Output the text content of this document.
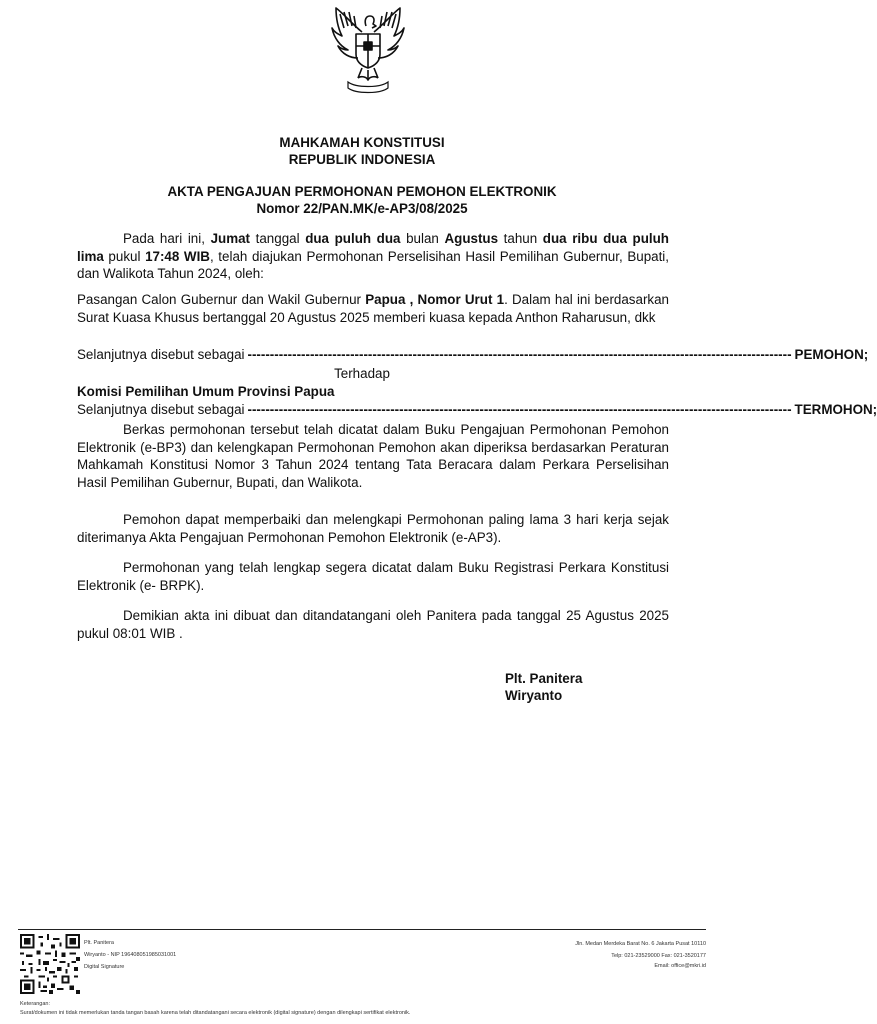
MAHKAMAH KONSTITUSI
REPUBLIK INDONESIA
AKTA PENGAJUAN PERMOHONAN PEMOHON ELEKTRONIK
Nomor 22/PAN.MK/e-AP3/08/2025
Pada hari ini, Jumat tanggal dua puluh dua bulan Agustus tahun dua ribu dua puluh lima pukul 17:48 WIB, telah diajukan Permohonan Perselisihan Hasil Pemilihan Gubernur, Bupati, dan Walikota Tahun 2024, oleh:
Pasangan Calon Gubernur dan Wakil Gubernur Papua , Nomor Urut 1. Dalam hal ini berdasarkan Surat Kuasa Khusus bertanggal 20 Agustus 2025 memberi kuasa kepada Anthon Raharusun, dkk
Selanjutnya disebut sebagai -------------------------------------------------------------------------------------------------------------------------- PEMOHON;
Terhadap
Komisi Pemilihan Umum Provinsi Papua
Selanjutnya disebut sebagai -------------------------------------------------------------------------------------------------------------------------- TERMOHON;
Berkas permohonan tersebut telah dicatat dalam Buku Pengajuan Permohonan Pemohon Elektronik (e-BP3) dan kelengkapan Permohonan Pemohon akan diperiksa berdasarkan Peraturan Mahkamah Konstitusi Nomor 3 Tahun 2024 tentang Tata Beracara dalam Perkara Perselisihan Hasil Pemilihan Gubernur, Bupati, dan Walikota.
Pemohon dapat memperbaiki dan melengkapi Permohonan paling lama 3 hari kerja sejak diterimanya Akta Pengajuan Permohonan Pemohon Elektronik (e-AP3).
Permohonan yang telah lengkap segera dicatat dalam Buku Registrasi Perkara Konstitusi Elektronik (e- BRPK).
Demikian akta ini dibuat dan ditandatangani oleh Panitera pada tanggal 25 Agustus 2025 pukul 08:01 WIB .
Plt. Panitera
Wiryanto
Plt. Panitera
Wiryanto - NIP 196408051985031001
Digital Signature
Jln. Medan Merdeka Barat No. 6 Jakarta Pusat 10110
Telp: 021-23529000 Fax: 021-3520177
Email: office@mkri.id
Keterangan:
Surat/dokumen ini tidak memerlukan tanda tangan basah karena telah ditandatangani secara elektronik (digital signature) dengan dilengkapi sertifikat elektronik.
